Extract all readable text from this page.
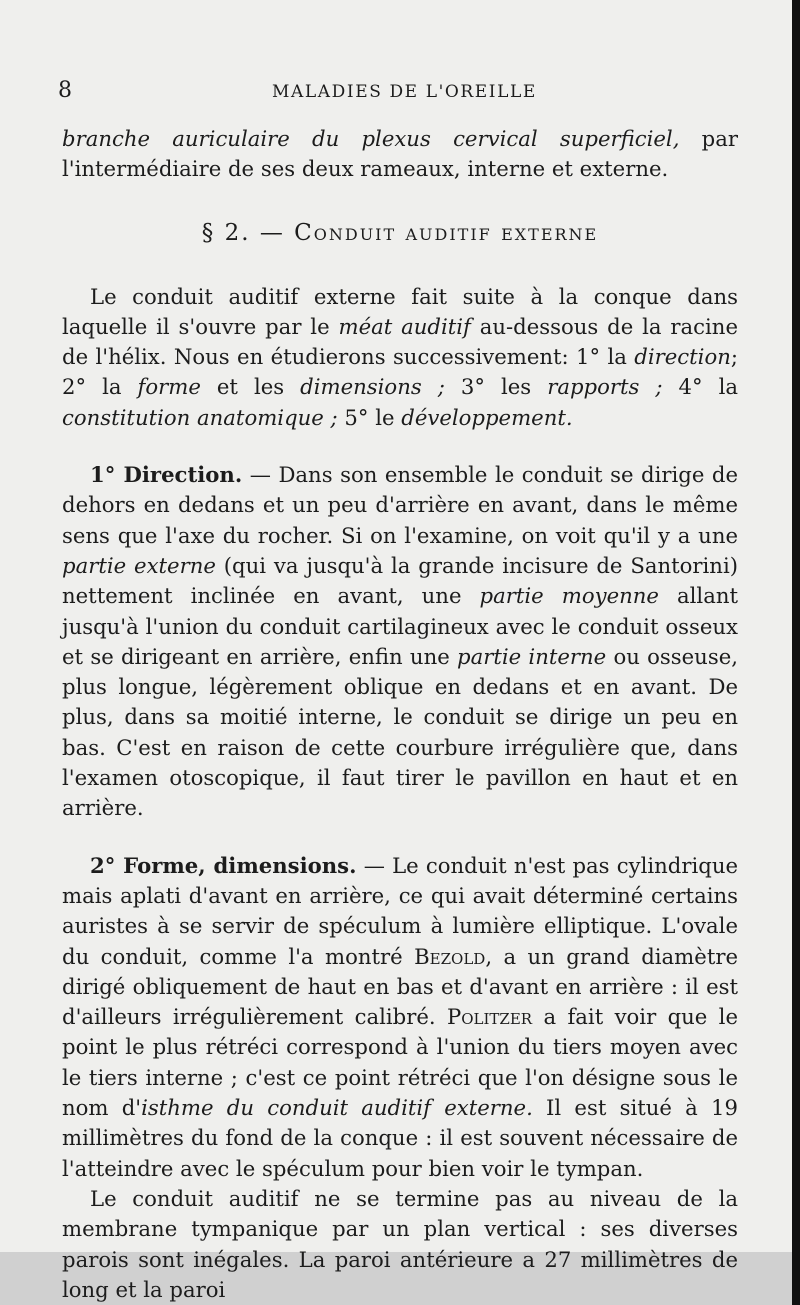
8	MALADIES DE L'OREILLE

branche auriculaire du plexus cervical superficiel, par l'intermédiaire de ses deux rameaux, interne et externe.

§ 2. — Conduit auditif externe

Le conduit auditif externe fait suite à la conque dans laquelle il s'ouvre par le méat auditif au-dessous de la racine de l'hélix. Nous en étudierons successivement: 1° la direction; 2° la forme et les dimensions ; 3° les rapports ; 4° la constitution anatomique ; 5° le développement.

1° Direction. — Dans son ensemble le conduit se dirige de dehors en dedans et un peu d'arrière en avant, dans le même sens que l'axe du rocher. Si on l'examine, on voit qu'il y a une partie externe (qui va jusqu'à la grande incisure de Santorini) nettement inclinée en avant, une partie moyenne allant jusqu'à l'union du conduit cartilagineux avec le conduit osseux et se dirigeant en arrière, enfin une partie interne ou osseuse, plus longue, légèrement oblique en dedans et en avant. De plus, dans sa moitié interne, le conduit se dirige un peu en bas. C'est en raison de cette courbure irrégulière que, dans l'examen otoscopique, il faut tirer le pavillon en haut et en arrière.

2° Forme, dimensions. — Le conduit n'est pas cylindrique mais aplati d'avant en arrière, ce qui avait déterminé certains auristes à se servir de spéculum à lumière elliptique. L'ovale du conduit, comme l'a montré Bezold, a un grand diamètre dirigé obliquement de haut en bas et d'avant en arrière : il est d'ailleurs irrégulièrement calibré. Politzer a fait voir que le point le plus rétréci correspond à l'union du tiers moyen avec le tiers interne ; c'est ce point rétréci que l'on désigne sous le nom d'isthme du conduit auditif externe. Il est situé à 19 millimètres du fond de la conque : il est souvent nécessaire de l'atteindre avec le spéculum pour bien voir le tympan.

Le conduit auditif ne se termine pas au niveau de la membrane tympanique par un plan vertical : ses diverses parois sont inégales. La paroi antérieure a 27 millimètres de long et la paroi
